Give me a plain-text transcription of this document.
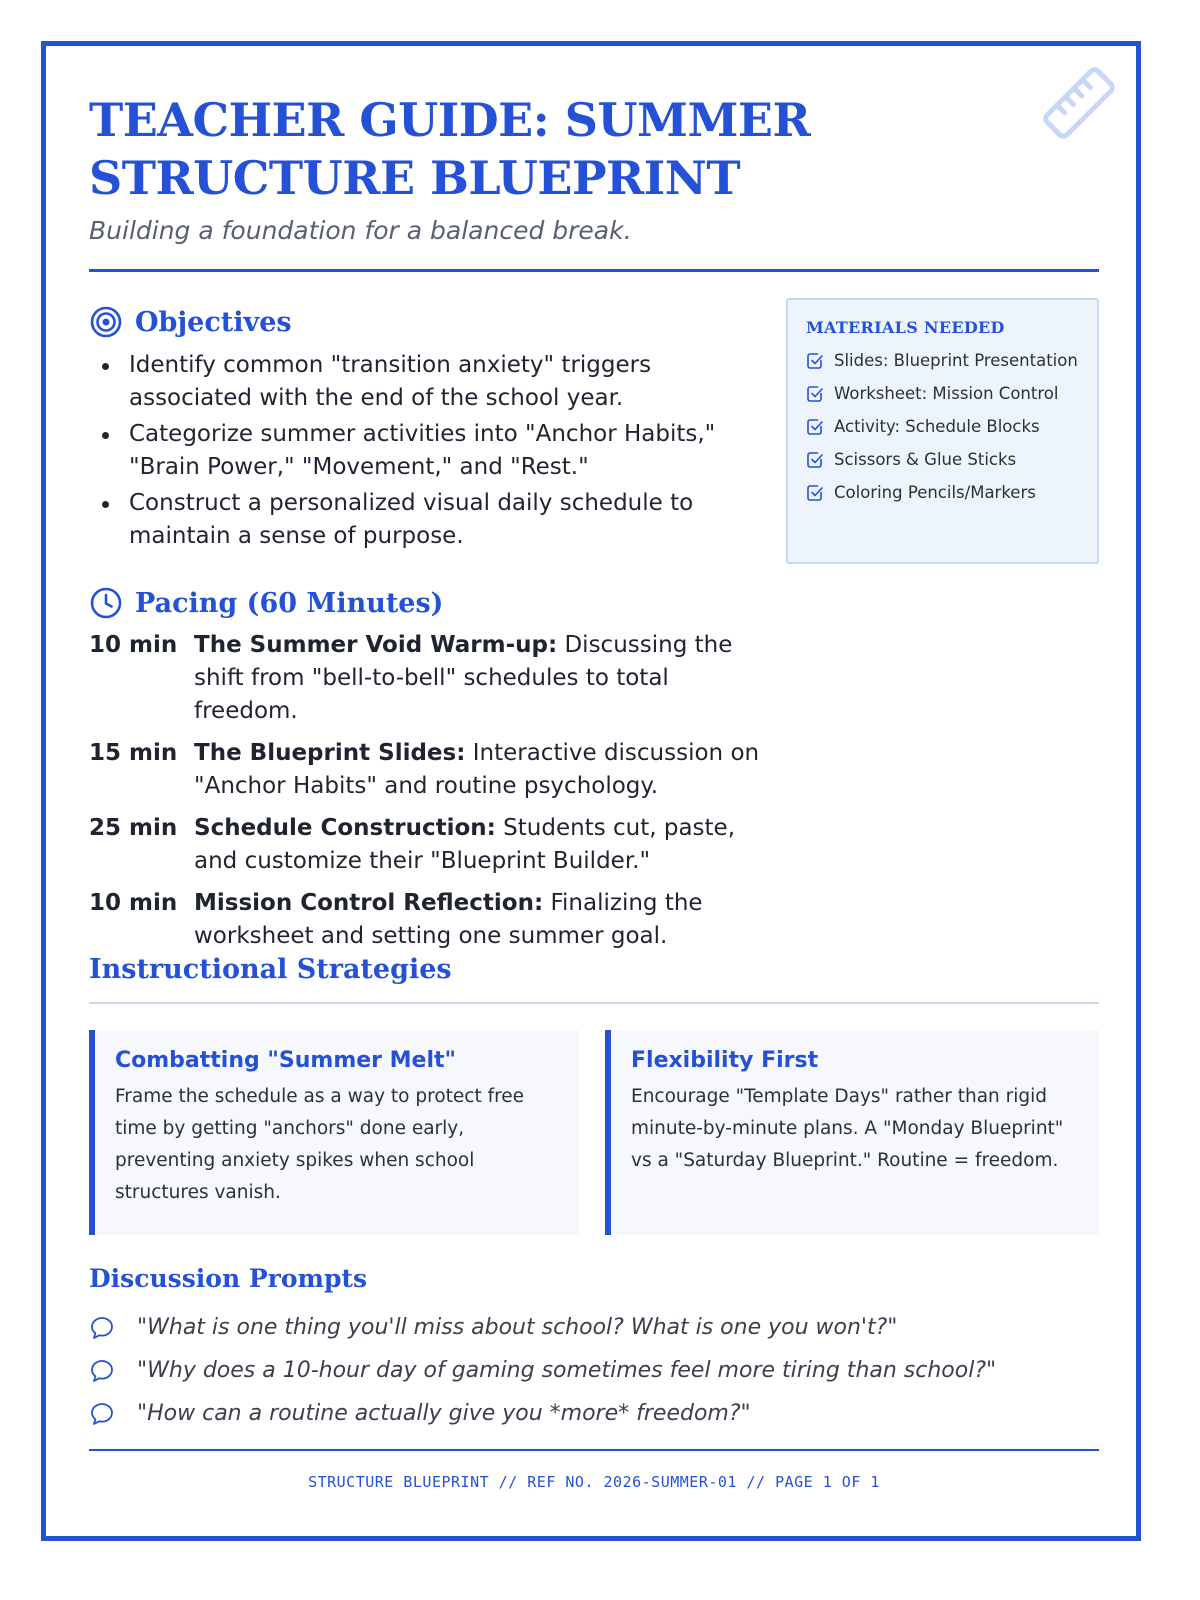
TEACHER GUIDE: SUMMER STRUCTURE BLUEPRINT

Building a foundation for a balanced break.

Objectives
Identify common "transition anxiety" triggers associated with the end of the school year.
Categorize summer activities into "Anchor Habits," "Brain Power," "Movement," and "Rest."
Construct a personalized visual daily schedule to maintain a sense of purpose.
MATERIALS NEEDED
Slides: Blueprint Presentation
Worksheet: Mission Control
Activity: Schedule Blocks
Scissors & Glue Sticks
Coloring Pencils/Markers
Pacing (60 Minutes)
10 min The Summer Void Warm-up: Discussing the shift from "bell-to-bell" schedules to total freedom.
15 min The Blueprint Slides: Interactive discussion on "Anchor Habits" and routine psychology.
25 min Schedule Construction: Students cut, paste, and customize their "Blueprint Builder."
10 min Mission Control Reflection: Finalizing the worksheet and setting one summer goal.
Instructional Strategies
Combatting "Summer Melt"

Frame the schedule as a way to protect free time by getting "anchors" done early, preventing anxiety spikes when school structures vanish.

Flexibility First

Encourage "Template Days" rather than rigid minute-by-minute plans. A "Monday Blueprint" vs a "Saturday Blueprint." Routine = freedom.

Discussion Prompts
"What is one thing you'll miss about school? What is one you won't?"
"Why does a 10-hour day of gaming sometimes feel more tiring than school?"
"How can a routine actually give you *more* freedom?"
STRUCTURE BLUEPRINT // REF NO. 2026-SUMMER-01 // PAGE 1 OF 1
